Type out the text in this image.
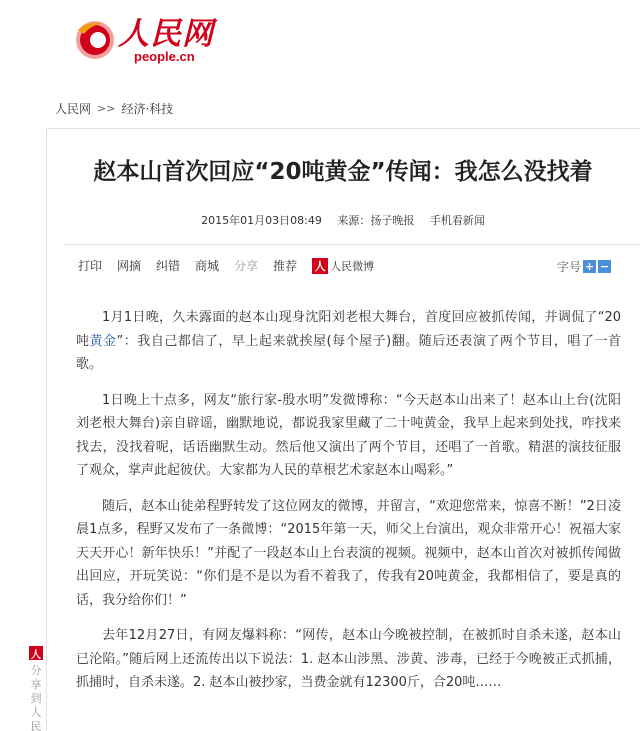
人民网
people.cn
人民网 >> 经济·科技
赵本山首次回应“20吨黄金”传闻：我怎么没找着
2015年01月03日08:49 来源：扬子晚报 手机看新闻
打印 网摘 纠错 商城 分享 推荐 人 人民微博	字号 + −

1月1日晚，久未露面的赵本山现身沈阳刘老根大舞台，首度回应被抓传闻，并调侃了“20吨黄金”：我自己都信了，早上起来就挨屋(每个屋子)翻。随后还表演了两个节目，唱了一首歌。

1日晚上十点多，网友“旅行家-殷水明”发微博称：“今天赵本山出来了！赵本山上台(沈阳刘老根大舞台)亲自辟谣，幽默地说，都说我家里藏了二十吨黄金，我早上起来到处找，咋找来找去，没找着呢，话语幽默生动。然后他又演出了两个节目，还唱了一首歌。精湛的演技征服了观众，掌声此起彼伏。大家都为人民的草根艺术家赵本山喝彩。”

随后，赵本山徒弟程野转发了这位网友的微博，并留言，“欢迎您常来，惊喜不断！”2日凌晨1点多，程野又发布了一条微博：“2015年第一天，师父上台演出，观众非常开心！祝福大家天天开心！新年快乐！”并配了一段赵本山上台表演的视频。视频中，赵本山首次对被抓传闻做出回应，开玩笑说：“你们是不是以为看不着我了，传我有20吨黄金，我都相信了，要是真的话，我分给你们！”

去年12月27日，有网友爆料称：“网传，赵本山今晚被控制，在被抓时自杀未遂，赵本山已沦陷。”随后网上还流传出以下说法：1. 赵本山涉黑、涉黄、涉毒，已经于今晚被正式抓捕，抓捕时，自杀未遂。2. 赵本山被抄家，当费金就有12300斤，合20吨……

人
分享到人民
